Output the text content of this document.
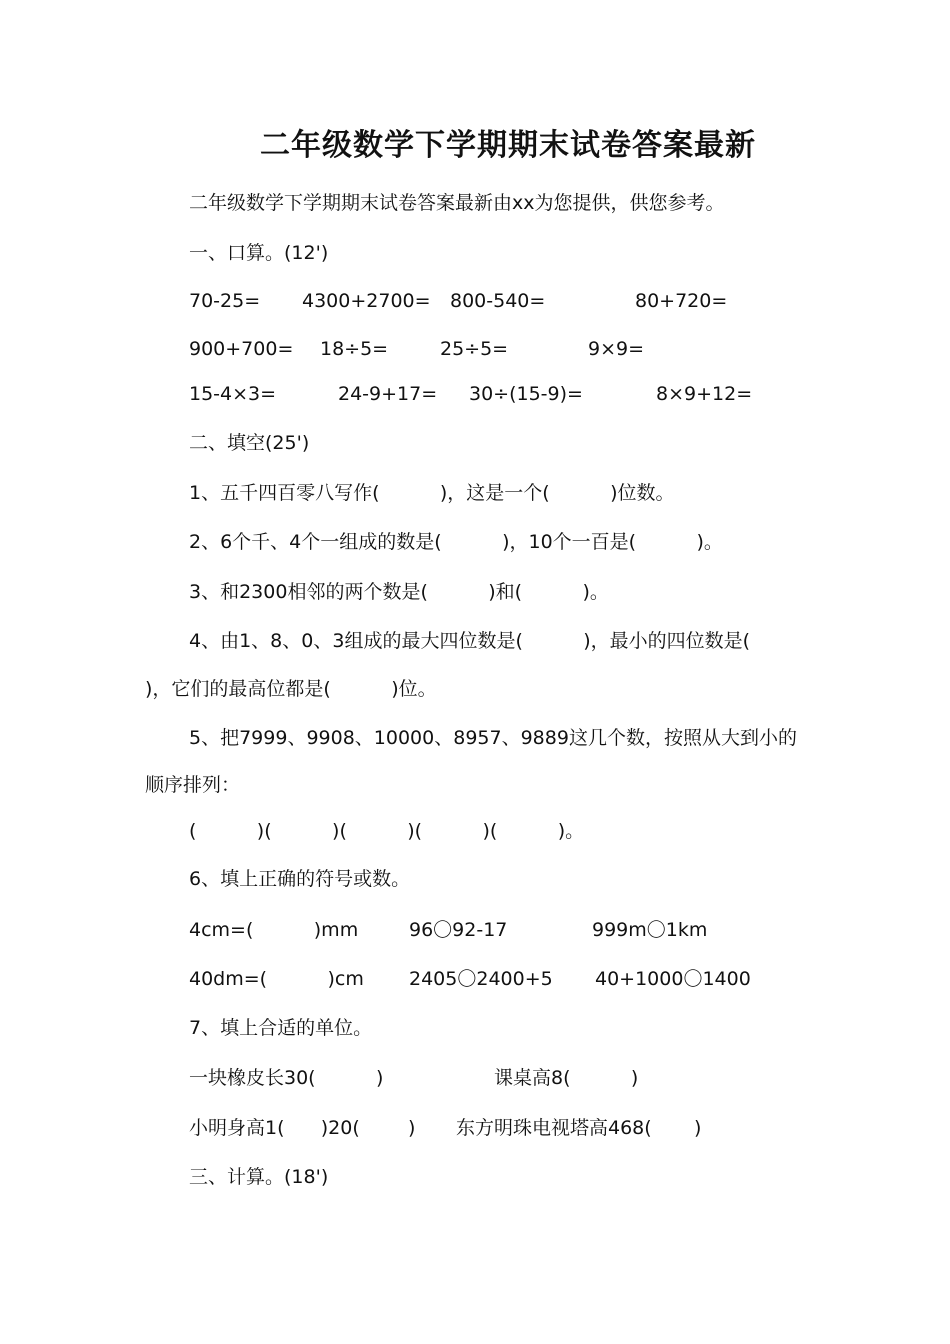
二年级数学下学期期末试卷答案最新
二年级数学下学期期末试卷答案最新由xx为您提供，供您参考。
一、口算。(12')
70-25= 4300+2700= 800-540=	80+720=
900+700= 18÷5=	25÷5=	9×9=
15-4×3=	24-9+17= 30÷(15-9)=	8×9+12=
二、填空(25')
1、五千四百零八写作(          )，这是一个(          )位数。
2、6个千、4个一组成的数是(          )，10个一百是(          )。
3、和2300相邻的两个数是(          )和(          )。
4、由1、8、0、3组成的最大四位数是(          )，最小的四位数是(
)，它们的最高位都是(          )位。
5、把7999、9908、10000、8957、9889这几个数，按照从大到小的
顺序排列：
(          )(          )(          )(          )(          )。
6、填上正确的符号或数。
4cm=(          )mm	96〇92-17	999m〇1km
40dm=(          )cm 2405〇2400+5 40+1000〇1400
7、填上合适的单位。
一块橡皮长30(          )	课桌高8(          )
小明身高1(      )20(        ) 东方明珠电视塔高468(       )
三、计算。(18')
